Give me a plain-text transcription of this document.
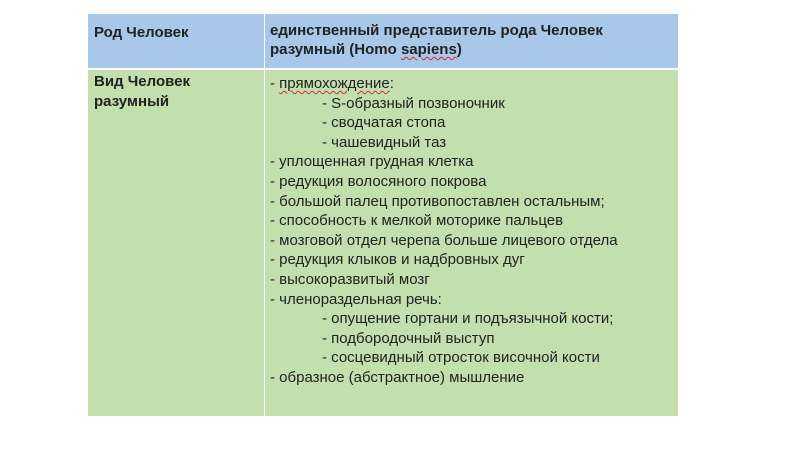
Род Человек	единственный представитель рода Человек разумный (Homo sapiens)
Вид Человек разумный
- прямохождение:
- S-образный позвоночник
- сводчатая стопа
- чашевидный таз
- уплощенная грудная клетка
- редукция волосяного покрова
- большой палец противопоставлен остальным;
- способность к мелкой моторике пальцев
- мозговой отдел черепа больше лицевого отдела
- редукция клыков и надбровных дуг
- высокоразвитый мозг
- членораздельная речь:
- опущение гортани и подъязычной кости;
- подбородочный выступ
- сосцевидный отросток височной кости
- образное (абстрактное) мышление
